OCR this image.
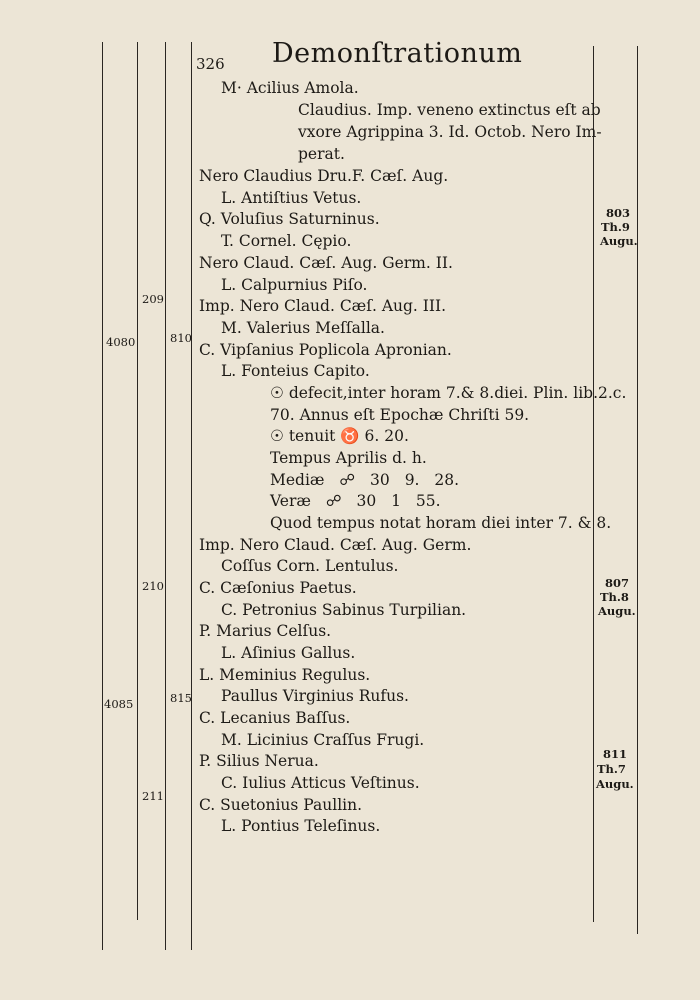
326 Demonſtrationum
M· Acilius Amola.
Claudius. Imp. veneno extinctus eſt ab
vxore Agrippina 3. Id. Octob. Nero Im-
perat.
Nero Claudius Dru.F. Cæſ. Aug.
L. Antiſtius Vetus.
Q. Voluſius Saturninus.
T. Cornel. Cępio.
Nero Claud. Cæſ. Aug. Germ. II.
L. Calpurnius Piſo.
Imp. Nero Claud. Cæſ. Aug. III.
M. Valerius Meſſalla.
C. Vipſanius Poplicola Apronian.
L. Fonteius Capito.
☉ defecit,inter horam 7.& 8.diei. Plin. lib.2.c.
70. Annus eſt Epochæ Chriſti 59.
☉ tenuit ♉ 6. 20.
Tempus Aprilis d. h.
Mediæ ☍ 30 9. 28.
Veræ ☍ 30 1 55.
Quod tempus notat horam diei inter 7. & 8.
Imp. Nero Claud. Cæſ. Aug. Germ.
Coſſus Corn. Lentulus.
C. Cæſonius Paetus.
C. Petronius Sabinus Turpilian.
P. Marius Celſus.
L. Aſinius Gallus.
L. Meminius Regulus.
Paullus Virginius Rufus.
C. Lecanius Baſſus.
M. Licinius Craſſus Frugi.
P. Silius Nerua.
C. Iulius Atticus Veſtinus.
C. Suetonius Paullin.
L. Pontius Teleſinus.
209
4080	810
210
4085	815
211
803
Th.9
Augu.
807
Th.8
Augu.
811
Th.7
Augu.
